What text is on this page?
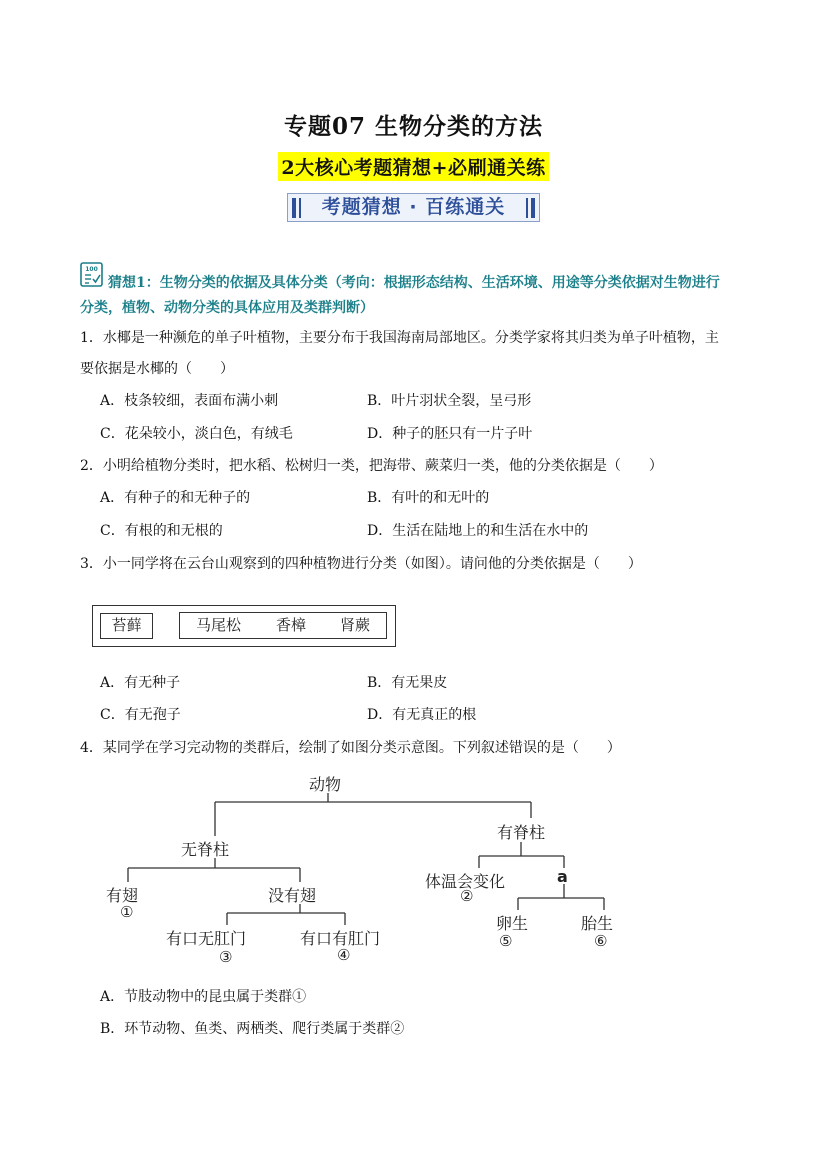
专题07 生物分类的方法
2大核心考题猜想+必刷通关练
考题猜想 · 百练通关
100
猜想1：生物分类的依据及具体分类（考向：根据形态结构、生活环境、用途等分类依据对生物进行
分类，植物、动物分类的具体应用及类群判断）
1．水椰是一种濒危的单子叶植物，主要分布于我国海南局部地区。分类学家将其归类为单子叶植物，主
要依据是水椰的（　　）
A．枝条较细，表面布满小刺	B．叶片羽状全裂，呈弓形
C．花朵较小，淡白色，有绒毛	D．种子的胚只有一片子叶
2．小明给植物分类时，把水稻、松树归一类，把海带、蕨菜归一类，他的分类依据是（　　）
A．有种子的和无种子的	B．有叶的和无叶的
C．有根的和无根的	D．生活在陆地上的和生活在水中的
3．小一同学将在云台山观察到的四种植物进行分类（如图）。请问他的分类依据是（　　）
苔藓	马尾松 香樟 肾蕨
A．有无种子	B．有无果皮
C．有无孢子	D．有无真正的根
4．某同学在学习完动物的类群后，绘制了如图分类示意图。下列叙述错误的是（　　）
动物
无脊柱
有脊柱
有翅
①
没有翅
有口无肛门
③
有口有肛门
④
体温会变化
②
a
卵生
⑤
胎生
⑥
A．节肢动物中的昆虫属于类群①
B．环节动物、鱼类、两栖类、爬行类属于类群②
